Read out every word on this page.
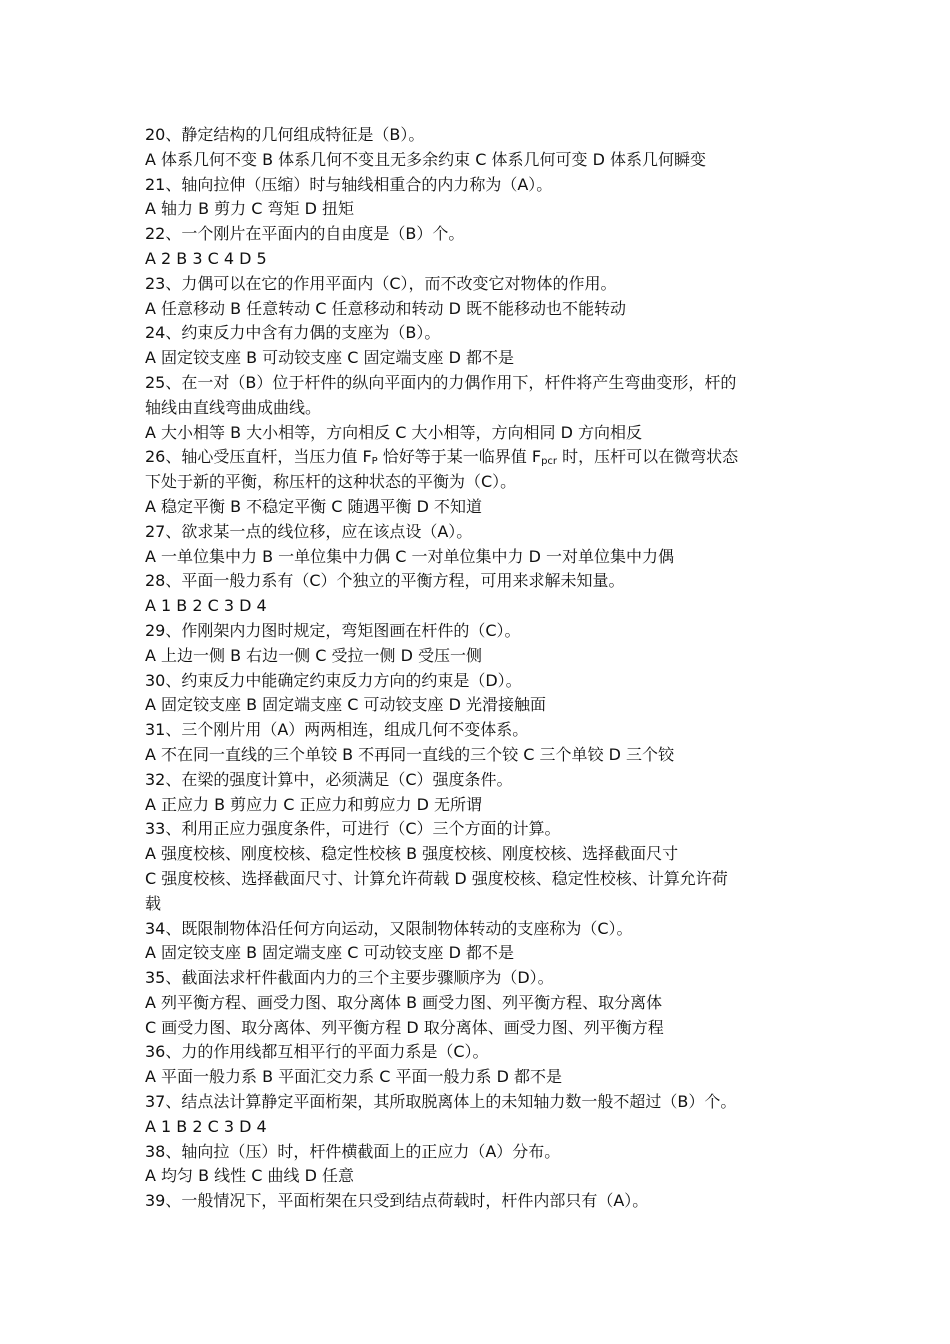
20、静定结构的几何组成特征是（B）。
A 体系几何不变 B 体系几何不变且无多余约束 C 体系几何可变 D 体系几何瞬变
21、轴向拉伸（压缩）时与轴线相重合的内力称为（A）。
A 轴力 B 剪力 C 弯矩 D 扭矩
22、一个刚片在平面内的自由度是（B）个。
A 2 B 3 C 4 D 5
23、力偶可以在它的作用平面内（C），而不改变它对物体的作用。
A 任意移动 B 任意转动 C 任意移动和转动 D 既不能移动也不能转动
24、约束反力中含有力偶的支座为（B）。
A 固定铰支座 B 可动铰支座 C 固定端支座 D 都不是
25、在一对（B）位于杆件的纵向平面内的力偶作用下，杆件将产生弯曲变形，杆的
轴线由直线弯曲成曲线。
A 大小相等 B 大小相等，方向相反 C 大小相等，方向相同 D 方向相反
26、轴心受压直杆，当压力值 $F_P$ 恰好等于某一临界值 $F_{pcr}$ 时，压杆可以在微弯状态
下处于新的平衡，称压杆的这种状态的平衡为（C）。
A 稳定平衡 B 不稳定平衡 C 随遇平衡 D 不知道
27、欲求某一点的线位移，应在该点设（A）。
A 一单位集中力 B 一单位集中力偶 C 一对单位集中力 D 一对单位集中力偶
28、平面一般力系有（C）个独立的平衡方程，可用来求解未知量。
A 1 B 2 C 3 D 4
29、作刚架内力图时规定，弯矩图画在杆件的（C）。
A 上边一侧 B 右边一侧 C 受拉一侧 D 受压一侧
30、约束反力中能确定约束反力方向的约束是（D）。
A 固定铰支座 B 固定端支座 C 可动铰支座 D 光滑接触面
31、三个刚片用（A）两两相连，组成几何不变体系。
A 不在同一直线的三个单铰 B 不再同一直线的三个铰 C 三个单铰 D 三个铰
32、在梁的强度计算中，必须满足（C）强度条件。
A 正应力 B 剪应力 C 正应力和剪应力 D 无所谓
33、利用正应力强度条件，可进行（C）三个方面的计算。
A 强度校核、刚度校核、稳定性校核 B 强度校核、刚度校核、选择截面尺寸
C 强度校核、选择截面尺寸、计算允许荷载 D 强度校核、稳定性校核、计算允许荷
载
34、既限制物体沿任何方向运动，又限制物体转动的支座称为（C）。
A 固定铰支座 B 固定端支座 C 可动铰支座 D 都不是
35、截面法求杆件截面内力的三个主要步骤顺序为（D）。
A 列平衡方程、画受力图、取分离体 B 画受力图、列平衡方程、取分离体
C 画受力图、取分离体、列平衡方程 D 取分离体、画受力图、列平衡方程
36、力的作用线都互相平行的平面力系是（C）。
A 平面一般力系 B 平面汇交力系 C 平面一般力系 D 都不是
37、结点法计算静定平面桁架，其所取脱离体上的未知轴力数一般不超过（B）个。
A 1 B 2 C 3 D 4
38、轴向拉（压）时，杆件横截面上的正应力（A）分布。
A 均匀 B 线性 C 曲线 D 任意
39、一般情况下，平面桁架在只受到结点荷载时，杆件内部只有（A）。
